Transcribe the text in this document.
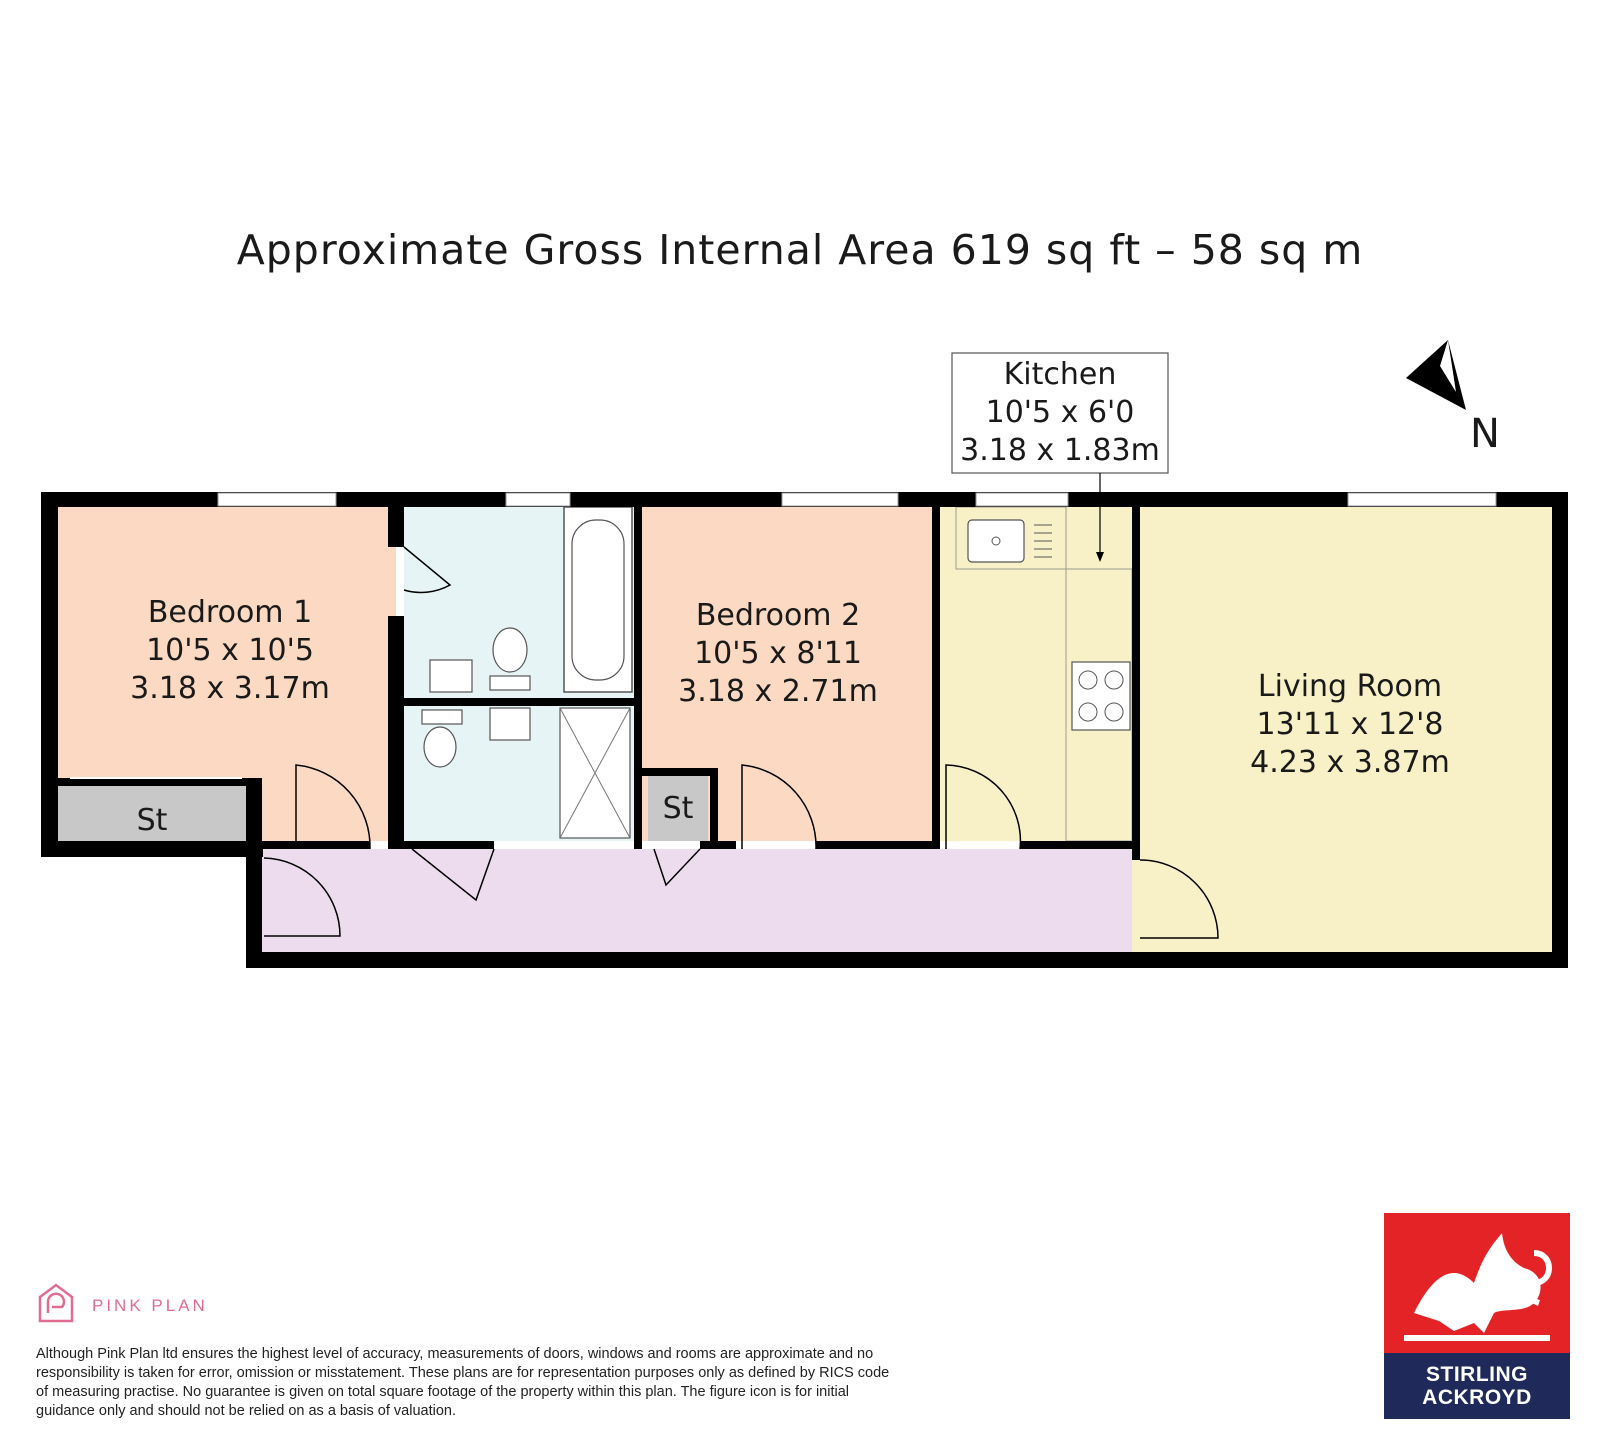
Approximate Gross Internal Area 619 sq ft – 58 sq m
N
Bedroom 1
10'5 x 10'5
3.18 x 3.17m
Bedroom 2
10'5 x 8'11
3.18 x 2.71m
Kitchen
10'5 x 6'0
3.18 x 1.83m
Living Room
13'11 x 12'8
4.23 x 3.87m
St	St
PINK PLAN
Although Pink Plan ltd ensures the highest level of accuracy, measurements of doors, windows and rooms are approximate and no responsibility is taken for error, omission or misstatement. These plans are for representation purposes only as defined by RICS code of measuring practise. No guarantee is given on total square footage of the property within this plan. The figure icon is for initial guidance only and should not be relied on as a basis of valuation.
STIRLING
ACKROYD
